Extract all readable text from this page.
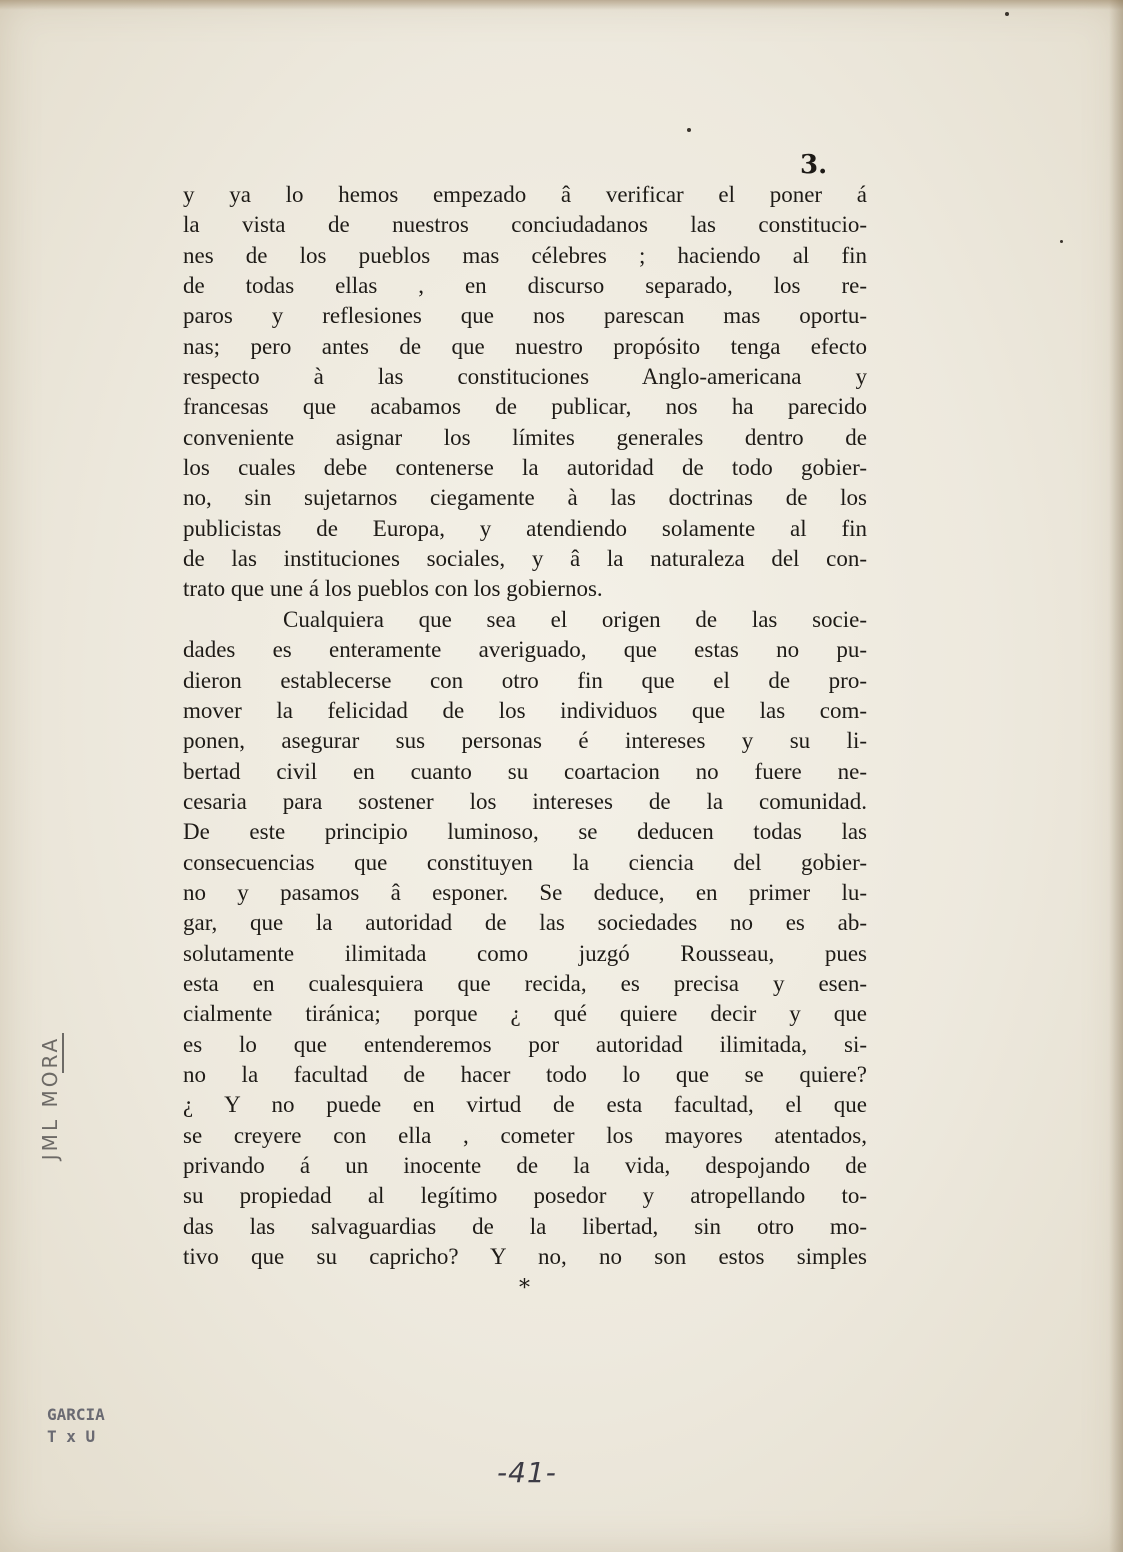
3.

y ya lo hemos empezado â verificar el poner á
la vista de nuestros conciudadanos las constitucio-
nes de los pueblos mas célebres ; haciendo al fin
de todas ellas , en discurso separado, los re-
paros y reflesiones que nos parescan mas oportu-
nas; pero antes de que nuestro propósito tenga efecto
respecto à las constituciones Anglo-americana y
francesas que acabamos de publicar, nos ha parecido
conveniente asignar los límites generales dentro de
los cuales debe contenerse la autoridad de todo gobier-
no, sin sujetarnos ciegamente à las doctrinas de los
publicistas de Europa, y atendiendo solamente al fin
de las instituciones sociales, y â la naturaleza del con-
trato que une á los pueblos con los gobiernos.
Cualquiera que sea el origen de las socie-
dades es enteramente averiguado, que estas no pu-
dieron establecerse con otro fin que el de pro-
mover la felicidad de los individuos que las com-
ponen, asegurar sus personas é intereses y su li-
bertad civil en cuanto su coartacion no fuere ne-
cesaria para sostener los intereses de la comunidad.
De este principio luminoso, se deducen todas las
consecuencias que constituyen la ciencia del gobier-
no y pasamos â esponer. Se deduce, en primer lu-
gar, que la autoridad de las sociedades no es ab-
solutamente ilimitada como juzgó Rousseau, pues
esta en cualesquiera que recida, es precisa y esen-
cialmente tiránica; porque ¿ qué quiere decir y que
es lo que entenderemos por autoridad ilimitada, si-
no la facultad de hacer todo lo que se quiere?
¿ Y no puede en virtud de esta facultad, el que
se creyere con ella , cometer los mayores atentados,
privando á un inocente de la vida, despojando de
su propiedad al legítimo posedor y atropellando to-
das las salvaguardias de la libertad, sin otro mo-
tivo que su capricho? Y no, no son estos simples

*

JML MORA
GARCIA
T x U
-41-
